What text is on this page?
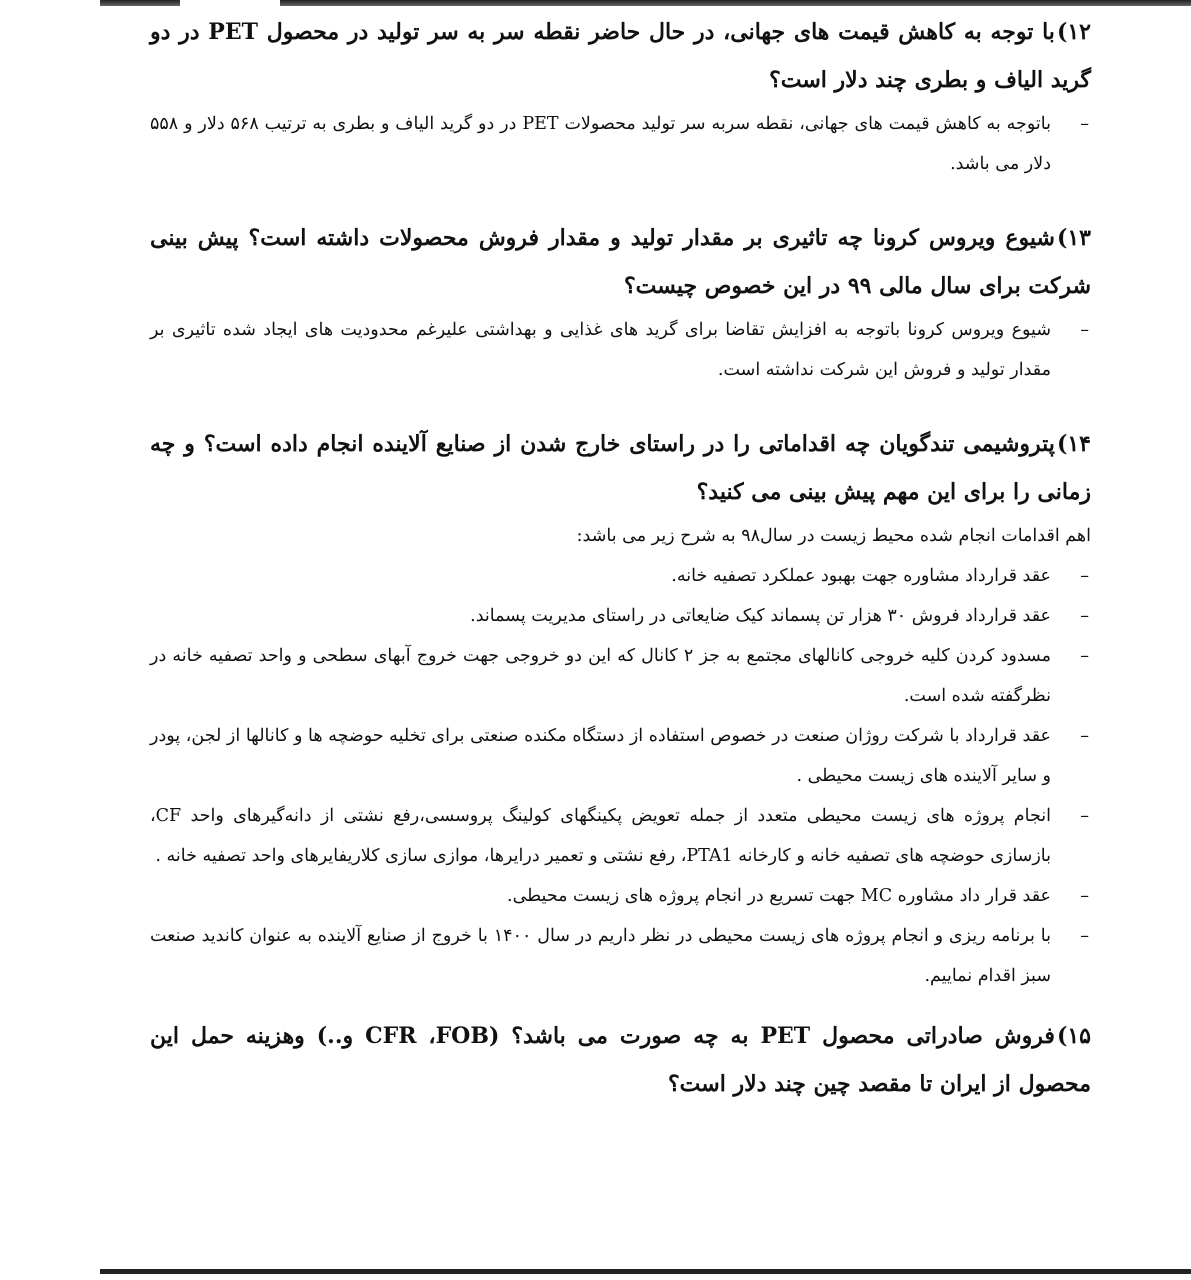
۱۲)با توجه به کاهش قیمت های جهانی، در حال حاضر نقطه سر به سر تولید در محصول PET در دو گرید الیاف و بطری چند دلار است؟

– باتوجه به کاهش قیمت های جهانی، نقطه سربه سر تولید محصولات PET در دو گرید الیاف و بطری به ترتیب ۵۶۸ دلار و ۵۵۸ دلار می باشد.

۱۳)شیوع ویروس کرونا چه تاثیری بر مقدار تولید و مقدار فروش محصولات داشته است؟ پیش بینی شرکت برای سال مالی ۹۹ در این خصوص چیست؟

– شیوع ویروس کرونا باتوجه به افزایش تقاضا برای گرید های غذایی و بهداشتی علیرغم محدودیت های ایجاد شده تاثیری بر مقدار تولید و فروش این شرکت نداشته است.

۱۴)پتروشیمی تندگویان چه اقداماتی را در راستای خارج شدن از صنایع آلاینده انجام داده است؟ و چه زمانی را برای این مهم پیش بینی می کنید؟

اهم اقدامات انجام شده محیط زیست در سال۹۸ به شرح زیر می باشد:

– عقد قرارداد مشاوره جهت بهبود عملکرد تصفیه خانه.

– عقد قرارداد فروش ۳۰ هزار تن پسماند کیک ضایعاتی در راستای مدیریت پسماند.

– مسدود کردن کلیه خروجی کانالهای مجتمع به جز ۲ کانال که این دو خروجی جهت خروج آبهای سطحی و واحد تصفیه خانه در نظرگفته شده است.

– عقد قرارداد با شرکت روژان صنعت در خصوص استفاده از دستگاه مکنده صنعتی برای تخلیه حوضچه ها و کانالها از لجن، پودر و سایر آلاینده های زیست محیطی .

– انجام پروژه های زیست محیطی متعدد از جمله تعویض پکینگهای کولینگ پروسسی،رفع نشتی از دانه‌گیرهای واحد CF، بازسازی حوضچه های تصفیه خانه و کارخانه PTA1، رفع نشتی و تعمیر درایرها، موازی سازی کلاریفایرهای واحد تصفیه خانه .

– عقد قرار داد مشاوره MC جهت تسریع در انجام پروژه های زیست محیطی.

– با برنامه ریزی و انجام پروژه های زیست محیطی در نظر داریم در سال ۱۴۰۰ با خروج از صنایع آلاینده به عنوان کاندید صنعت سبز اقدام نماییم.

۱۵)فروش صادراتی محصول PET به چه صورت می باشد؟ (CFR ،FOB و..) وهزینه حمل این محصول از ایران تا مقصد چین چند دلار است؟
